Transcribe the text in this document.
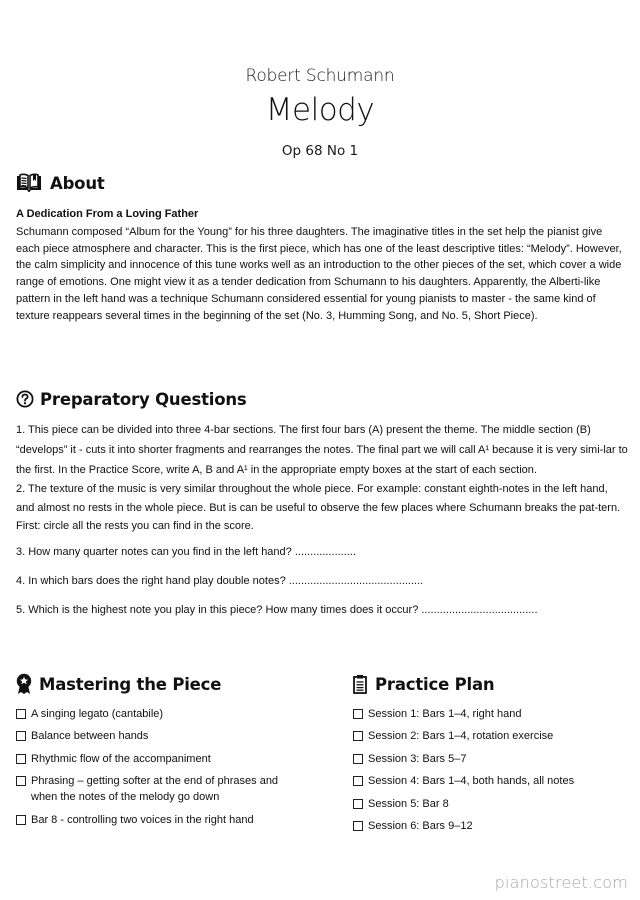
Robert Schumann
Melody
Op 68 No 1
About
A Dedication From a Loving Father
Schumann composed “Album for the Young” for his three daughters. The imaginative titles in the set help the pianist give each piece atmosphere and character. This is the first piece, which has one of the least descriptive titles: “Melody”. However, the calm simplicity and innocence of this tune works well as an introduction to the other pieces of the set, which cover a wide range of emotions. One might view it as a tender dedication from Schumann to his daughters. Apparently, the Alberti-like pattern in the left hand was a technique Schumann considered essential for young pianists to master - the same kind of texture reappears several times in the beginning of the set (No. 3, Humming Song, and No. 5, Short Piece).
Preparatory Questions
1. This piece can be divided into three 4-bar sections. The first four bars (A) present the theme. The middle section (B) “develops” it - cuts it into shorter fragments and rearranges the notes. The final part we will call A¹ because it is very simi-lar to the first. In the Practice Score, write A, B and A¹ in the appropriate empty boxes at the start of each section.
2. The texture of the music is very similar throughout the whole piece. For example: constant eighth-notes in the left hand, and almost no rests in the whole piece. But is can be useful to observe the few places where Schumann breaks the pat-tern. First: circle all the rests you can find in the score.
3. How many quarter notes can you find in the left hand? ....................
4. In which bars does the right hand play double notes? ............................................
5. Which is the highest note you play in this piece? How many times does it occur? ......................................
Mastering the Piece
A singing legato (cantabile)
Balance between hands
Rhythmic flow of the accompaniment
Phrasing – getting softer at the end of phrases and when the notes of the melody go down
Bar 8 - controlling two voices in the right hand
Practice Plan
Session 1: Bars 1–4, right hand
Session 2: Bars 1–4, rotation exercise
Session 3: Bars 5–7
Session 4: Bars 1–4, both hands, all notes
Session 5: Bar 8
Session 6: Bars 9–12
pianostreet.com
